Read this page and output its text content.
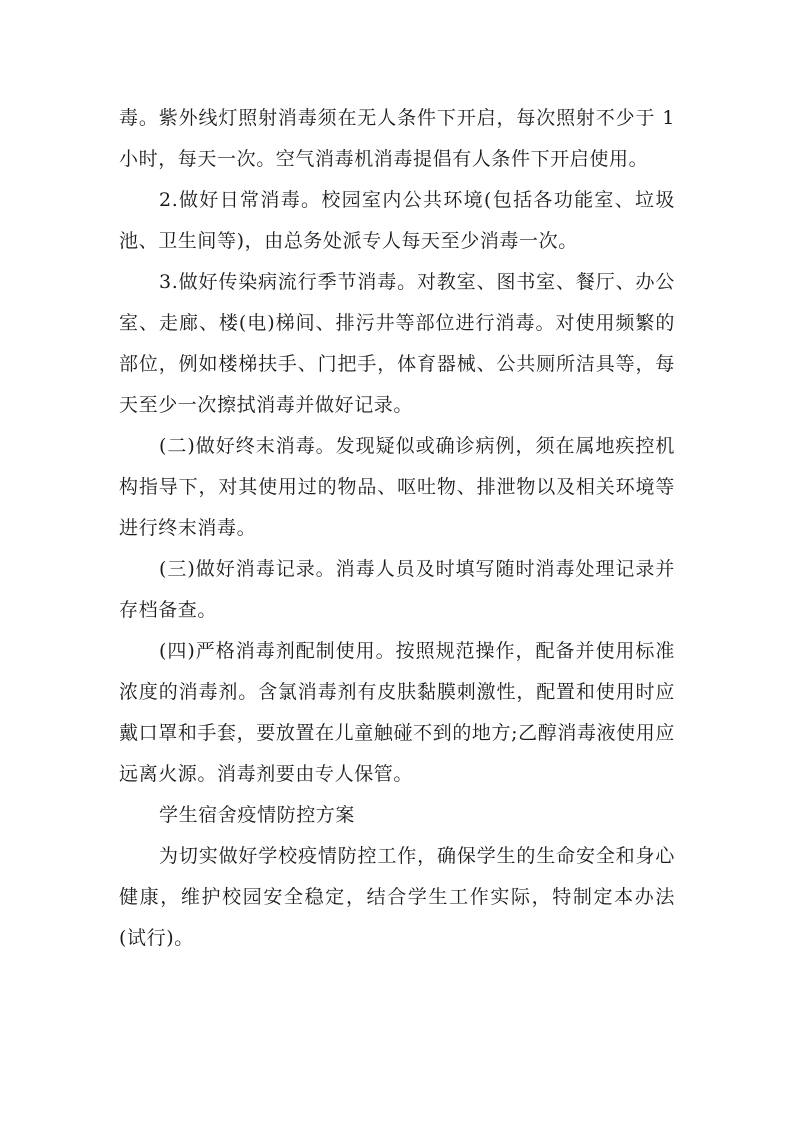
毒。紫外线灯照射消毒须在无人条件下开启，每次照射不少于 1 小时，每天一次。空气消毒机消毒提倡有人条件下开启使用。

2.做好日常消毒。校园室内公共环境(包括各功能室、垃圾池、卫生间等)，由总务处派专人每天至少消毒一次。

3.做好传染病流行季节消毒。对教室、图书室、餐厅、办公室、走廊、楼(电)梯间、排污井等部位进行消毒。对使用频繁的部位，例如楼梯扶手、门把手，体育器械、公共厕所洁具等，每天至少一次擦拭消毒并做好记录。

(二)做好终末消毒。发现疑似或确诊病例，须在属地疾控机构指导下，对其使用过的物品、呕吐物、排泄物以及相关环境等进行终末消毒。

(三)做好消毒记录。消毒人员及时填写随时消毒处理记录并存档备查。

(四)严格消毒剂配制使用。按照规范操作，配备并使用标准浓度的消毒剂。含氯消毒剂有皮肤黏膜刺激性，配置和使用时应戴口罩和手套，要放置在儿童触碰不到的地方;乙醇消毒液使用应远离火源。消毒剂要由专人保管。

学生宿舍疫情防控方案

为切实做好学校疫情防控工作，确保学生的生命安全和身心健康，维护校园安全稳定，结合学生工作实际，特制定本办法(试行)。
